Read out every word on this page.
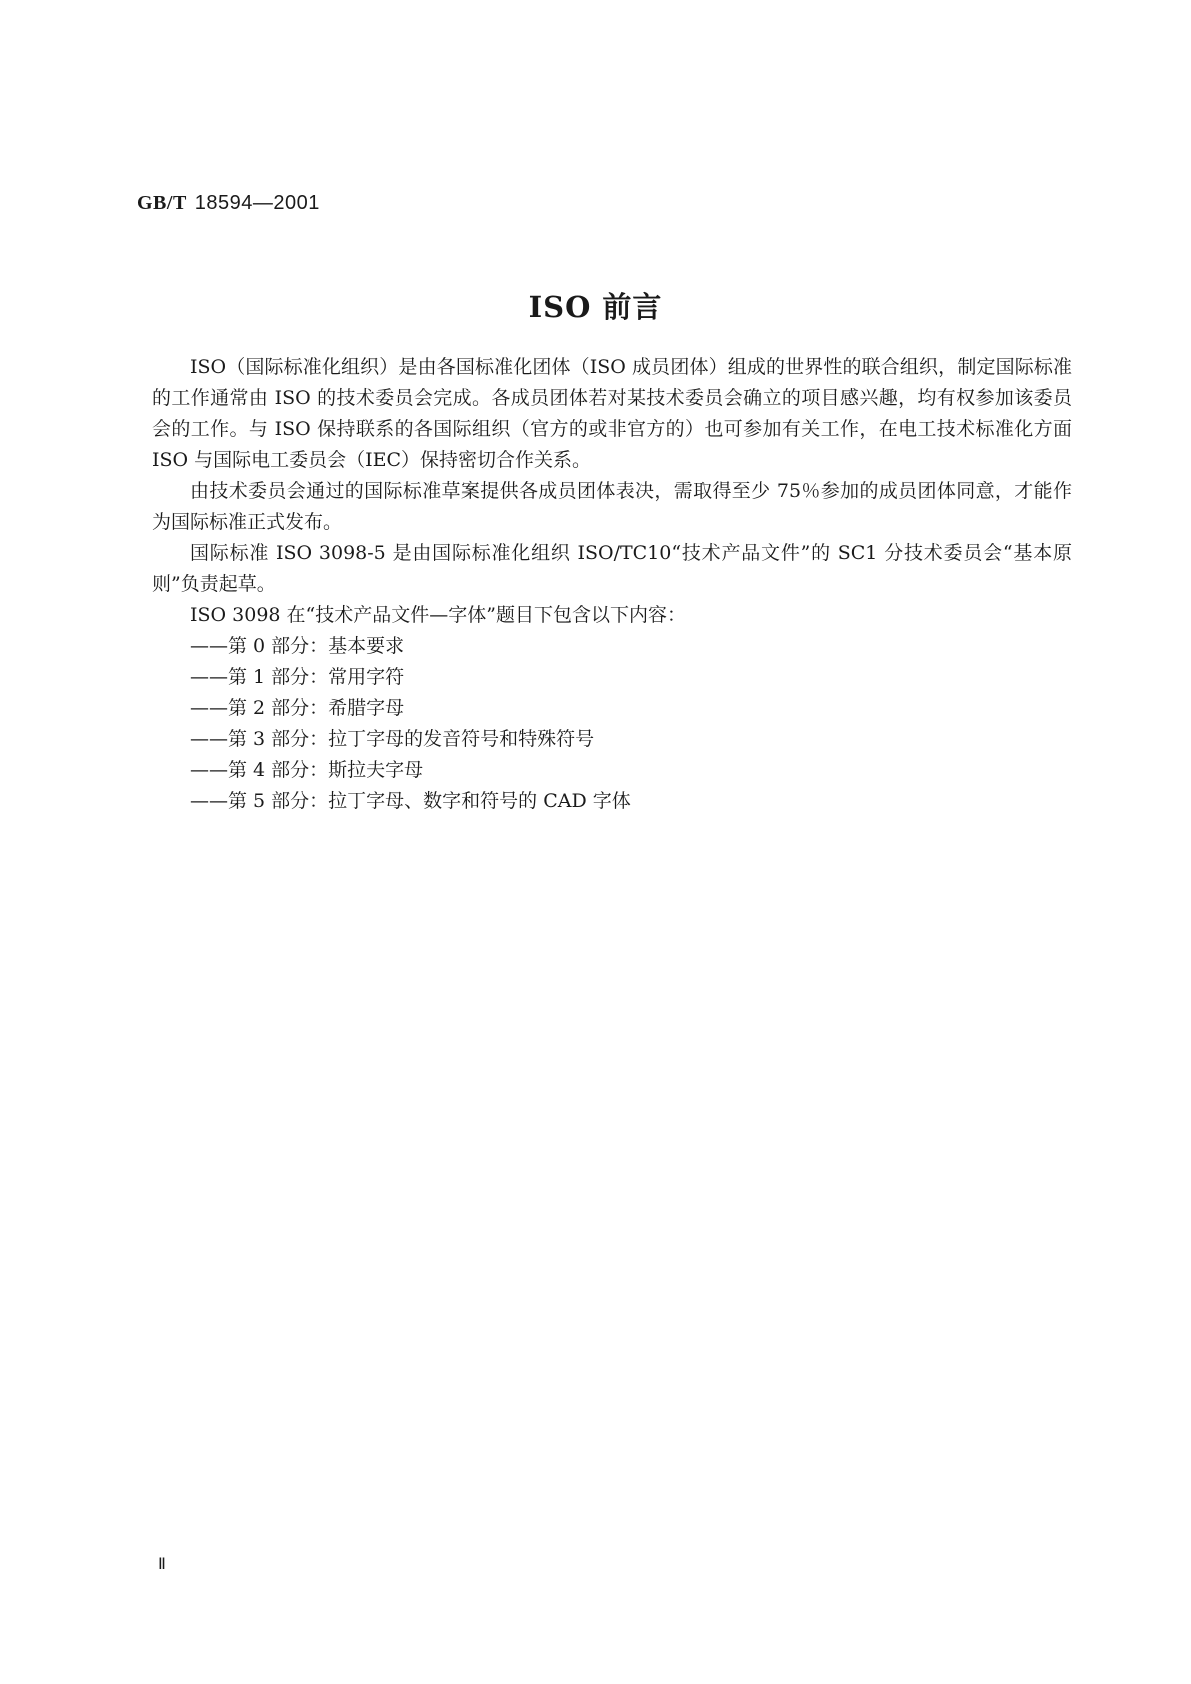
GB/T 18594—2001
ISO 前言

ISO（国际标准化组织）是由各国标准化团体（ISO 成员团体）组成的世界性的联合组织，制定国际标准的工作通常由 ISO 的技术委员会完成。各成员团体若对某技术委员会确立的项目感兴趣，均有权参加该委员会的工作。与 ISO 保持联系的各国际组织（官方的或非官方的）也可参加有关工作，在电工技术标准化方面 ISO 与国际电工委员会（IEC）保持密切合作关系。

由技术委员会通过的国际标准草案提供各成员团体表决，需取得至少 75％参加的成员团体同意，才能作为国际标准正式发布。

国际标准 ISO 3098-5 是由国际标准化组织 ISO/TC10“技术产品文件”的 SC1 分技术委员会“基本原则”负责起草。

ISO 3098 在“技术产品文件—字体”题目下包含以下内容：

——第 0 部分：基本要求
——第 1 部分：常用字符
——第 2 部分：希腊字母
——第 3 部分：拉丁字母的发音符号和特殊符号
——第 4 部分：斯拉夫字母
——第 5 部分：拉丁字母、数字和符号的 CAD 字体
Ⅱ
